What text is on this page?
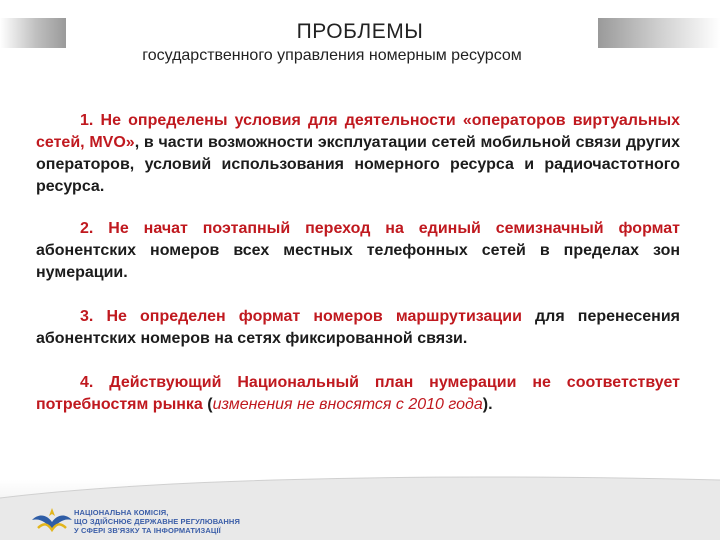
ПРОБЛЕМЫ
государственного управления номерным ресурсом
1. Не определены условия для деятельности «операторов виртуальных сетей, MVO», в части возможности эксплуатации сетей мобильной связи других операторов, условий использования номерного ресурса и радиочастотного ресурса.
2. Не начат поэтапный переход на единый семизначный формат абонентских номеров всех местных телефонных сетей в пределах зон нумерации.
3. Не определен формат номеров маршрутизации для перенесения абонентских номеров на сетях фиксированной связи.
4. Действующий Национальный план нумерации не соответствует потребностям рынка (изменения не вносятся с 2010 года).
НАЦІОНАЛЬНА КОМІСІЯ,
ЩО ЗДІЙСНЮЄ ДЕРЖАВНЕ РЕГУЛЮВАННЯ
У СФЕРІ ЗВ'ЯЗКУ ТА ІНФОРМАТИЗАЦІЇ
